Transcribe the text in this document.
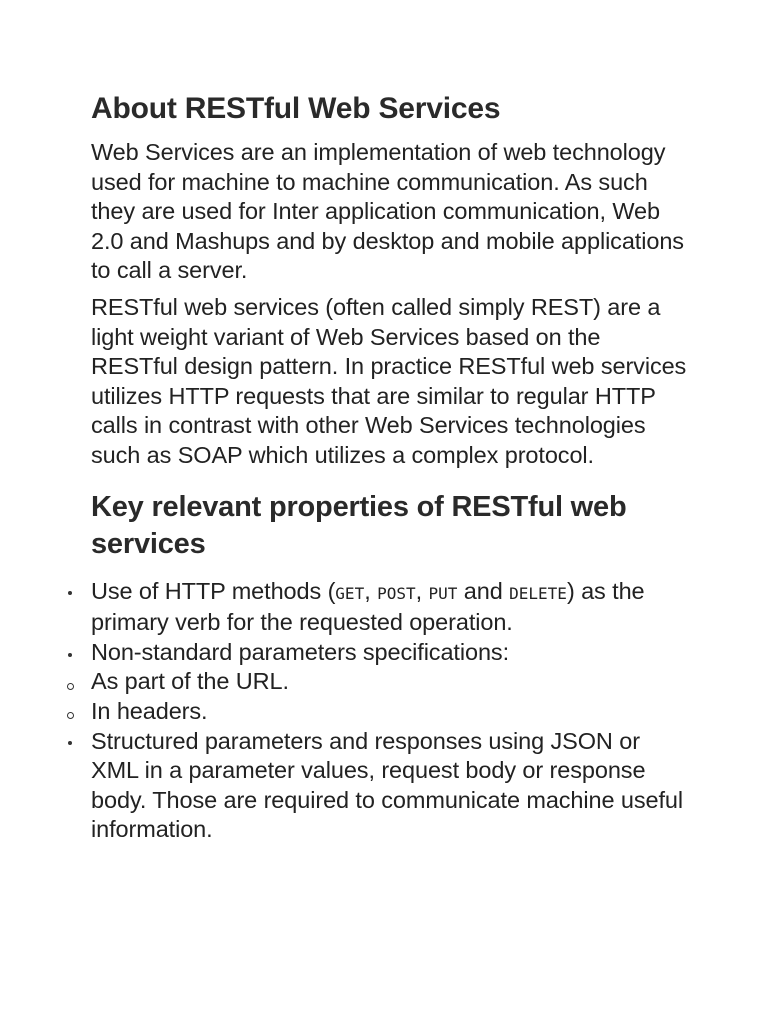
About RESTful Web Services

Web Services are an implementation of web technology used for machine to machine communication. As such they are used for Inter application communication, Web 2.0 and Mashups and by desktop and mobile applications to call a server.

RESTful web services (often called simply REST) are a light weight variant of Web Services based on the RESTful design pattern. In practice RESTful web services utilizes HTTP requests that are similar to regular HTTP calls in contrast with other Web Services technologies such as SOAP which utilizes a complex protocol.

Key relevant properties of RESTful web services
Use of HTTP methods (GET, POST, PUT and DELETE) as the primary verb for the requested operation.
Non-standard parameters specifications:
As part of the URL.
In headers.
Structured parameters and responses using JSON or XML in a parameter values, request body or response body. Those are required to communicate machine useful information.
